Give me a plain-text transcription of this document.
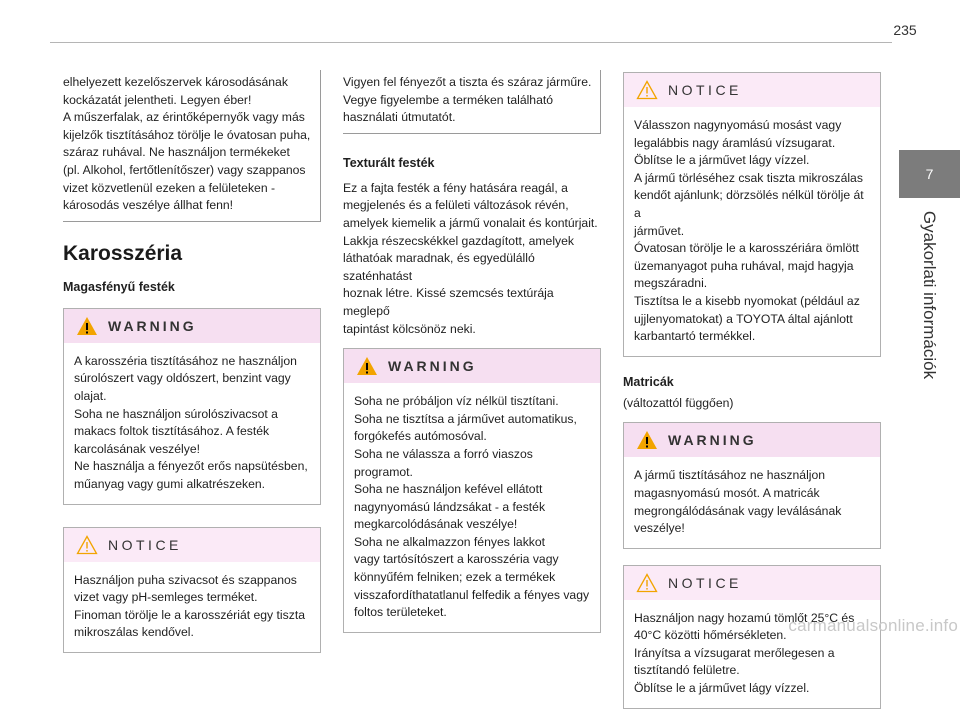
235
7
Gyakorlati információk

elhelyezett kezelőszervek károsodásának
kockázatát jelentheti. Legyen éber!
A műszerfalak, az érintőképernyők vagy más
kijelzők tisztításához törölje le óvatosan puha,
száraz ruhával. Ne használjon termékeket
(pl. Alkohol, fertőtlenítőszer) vagy szappanos
vizet közvetlenül ezeken a felületeken -
károsodás veszélye állhat fenn!

Karosszéria
Magasfényű festék
WARNING

A karosszéria tisztításához ne használjon
súrolószert vagy oldószert, benzint vagy
olajat.
Soha ne használjon súrolószivacsot a
makacs foltok tisztításához. A festék
karcolásának veszélye!
Ne használja a fényezőt erős napsütésben,
műanyag vagy gumi alkatrészeken.

NOTICE

Használjon puha szivacsot és szappanos
vizet vagy pH-semleges terméket.
Finoman törölje le a karosszériát egy tiszta
mikroszálas kendővel.

Vigyen fel fényezőt a tiszta és száraz járműre.
Vegye figyelembe a terméken található
használati útmutatót.

Texturált festék

Ez a fajta festék a fény hatására reagál, a
megjelenés és a felületi változások révén,
amelyek kiemelik a jármű vonalait és kontúrjait.
Lakkja részecskékkel gazdagított, amelyek
láthatóak maradnak, és egyedülálló szaténhatást
hoznak létre. Kissé szemcsés textúrája meglepő
tapintást kölcsönöz neki.

WARNING

Soha ne próbáljon víz nélkül tisztítani.
Soha ne tisztítsa a járművet automatikus,
forgókefés autómosóval.
Soha ne válassza a forró viaszos programot.
Soha ne használjon kefével ellátott
nagynyomású lándzsákat - a festék
megkarcolódásának veszélye!
Soha ne alkalmazzon fényes lakkot
vagy tartósítószert a karosszéria vagy
könnyűfém felniken; ezek a termékek
visszafordíthatatlanul felfedik a fényes vagy
foltos területeket.

NOTICE

Válasszon nagynyomású mosást vagy
legalábbis nagy áramlású vízsugarat.
Öblítse le a járművet lágy vízzel.
A jármű törléséhez csak tiszta mikroszálas
kendőt ajánlunk; dörzsölés nélkül törölje át a
járművet.
Óvatosan törölje le a karosszériára ömlött
üzemanyagot puha ruhával, majd hagyja
megszáradni.
Tisztítsa le a kisebb nyomokat (például az
ujjlenyomatokat) a TOYOTA által ajánlott
karbantartó termékkel.

Matricák

(változattól függően)

WARNING

A jármű tisztításához ne használjon
magasnyomású mosót. A matricák
megrongálódásának vagy leválásának
veszélye!

NOTICE

Használjon nagy hozamú tömlőt 25°C és
40°C közötti hőmérsékleten.
Irányítsa a vízsugarat merőlegesen a
tisztítandó felületre.
Öblítse le a járművet lágy vízzel.

carmanualsonline.info
